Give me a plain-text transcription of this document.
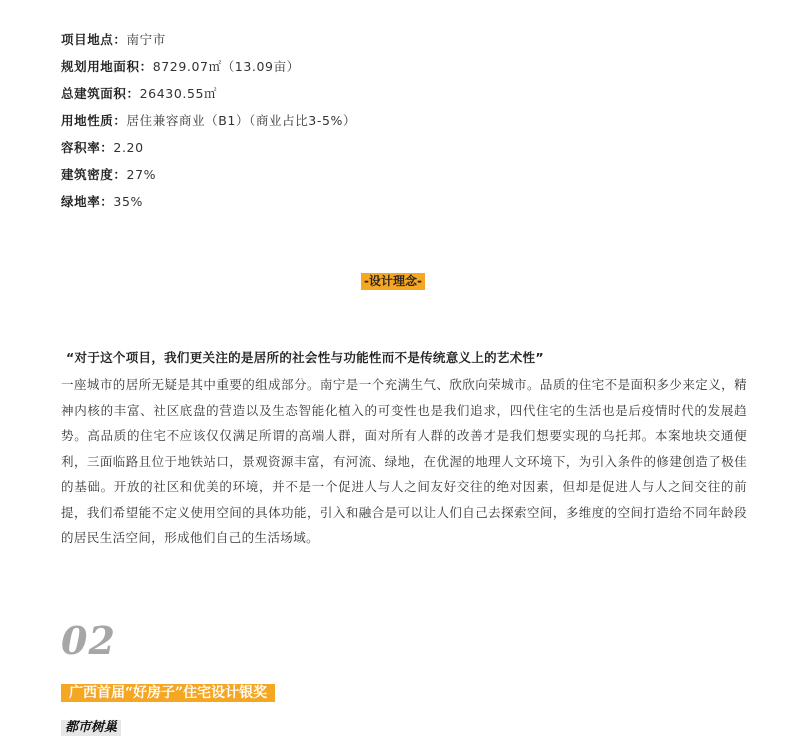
项目地点：南宁市
规划用地面积：8729.07㎡（13.09亩）
总建筑面积：26430.55㎡
用地性质：居住兼容商业（B1）（商业占比3-5%）
容积率：2.20
建筑密度：27%
绿地率：35%
-设计理念-
“对于这个项目，我们更关注的是居所的社会性与功能性而不是传统意义上的艺术性”
一座城市的居所无疑是其中重要的组成部分。南宁是一个充满生气、欣欣向荣城市。品质的住宅不是面积多少来定义，精神内核的丰富、社区底盘的营造以及生态智能化植入的可变性也是我们追求，四代住宅的生活也是后疫情时代的发展趋势。高品质的住宅不应该仅仅满足所谓的高端人群，面对所有人群的改善才是我们想要实现的乌托邦。本案地块交通便利，三面临路且位于地铁站口，景观资源丰富，有河流、绿地，在优渥的地理人文环境下，为引入条件的修建创造了极佳的基础。开放的社区和优美的环境，并不是一个促进人与人之间友好交往的绝对因素，但却是促进人与人之间交往的前提，我们希望能不定义使用空间的具体功能，引入和融合是可以让人们自己去探索空间，多维度的空间打造给不同年龄段的居民生活空间，形成他们自己的生活场域。
02
广西首届“好房子”住宅设计银奖
都市树巢
